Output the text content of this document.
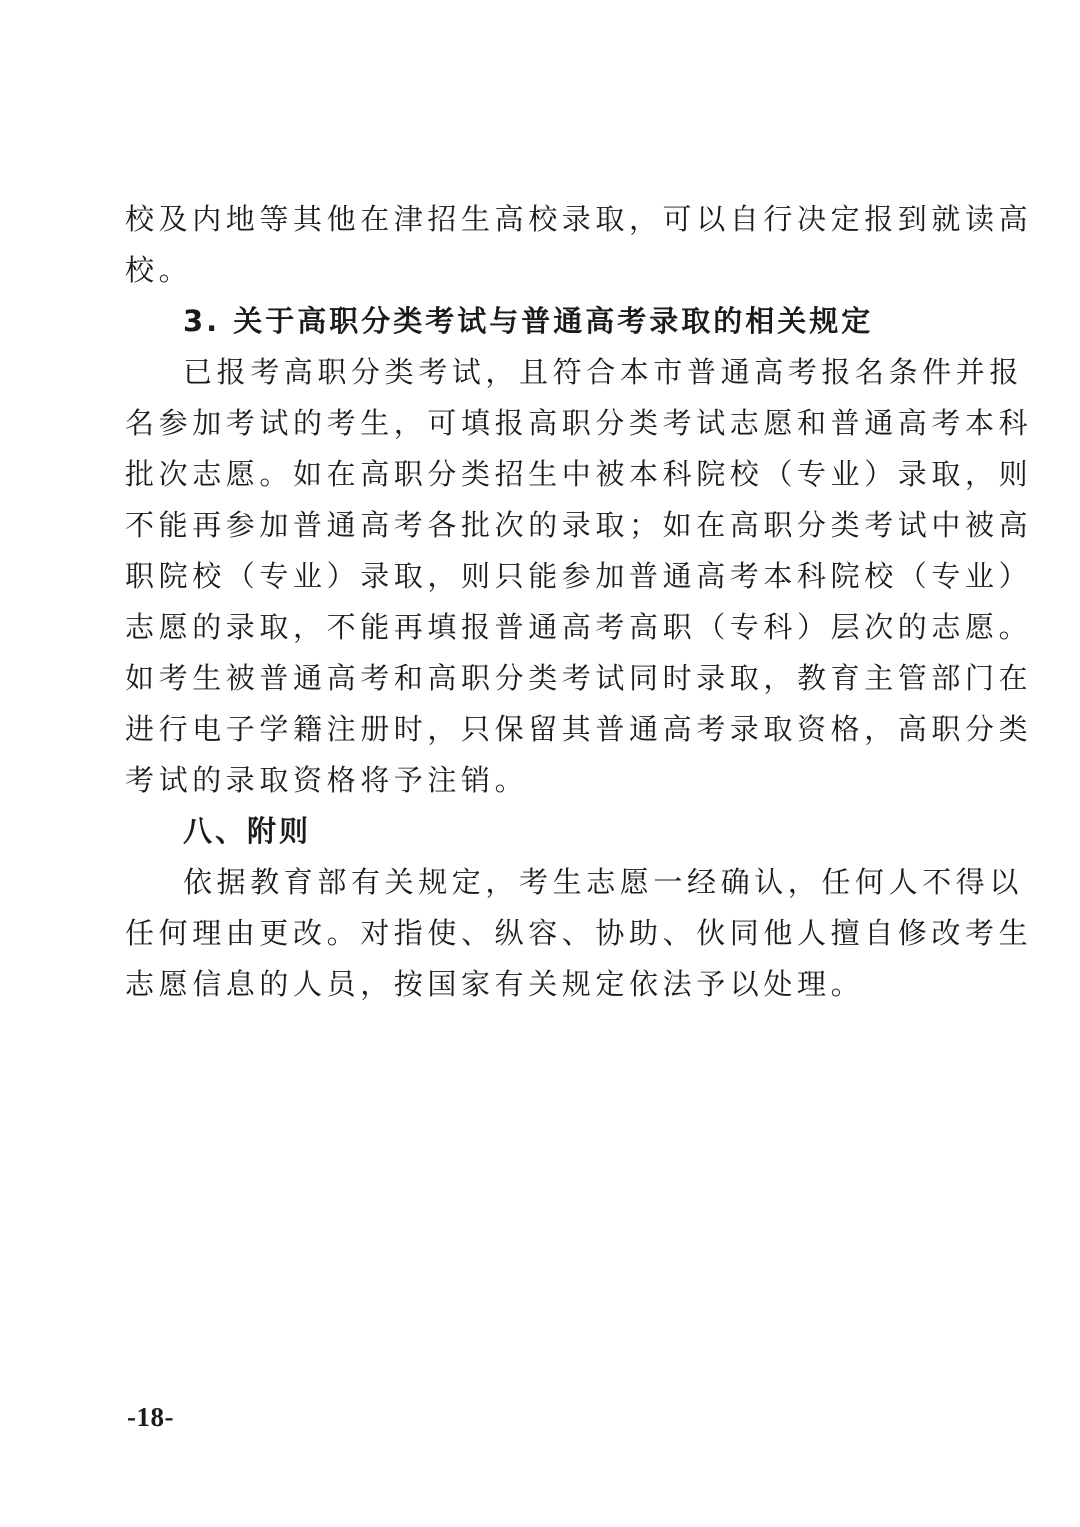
校及内地等其他在津招生高校录取，可以自行决定报到就读高
校。
3. 关于高职分类考试与普通高考录取的相关规定
已报考高职分类考试，且符合本市普通高考报名条件并报
名参加考试的考生，可填报高职分类考试志愿和普通高考本科
批次志愿。如在高职分类招生中被本科院校（专业）录取，则
不能再参加普通高考各批次的录取；如在高职分类考试中被高
职院校（专业）录取，则只能参加普通高考本科院校（专业）
志愿的录取，不能再填报普通高考高职（专科）层次的志愿。
如考生被普通高考和高职分类考试同时录取，教育主管部门在
进行电子学籍注册时，只保留其普通高考录取资格，高职分类
考试的录取资格将予注销。
八、附则
依据教育部有关规定，考生志愿一经确认，任何人不得以
任何理由更改。对指使、纵容、协助、伙同他人擅自修改考生
志愿信息的人员，按国家有关规定依法予以处理。
-18-
